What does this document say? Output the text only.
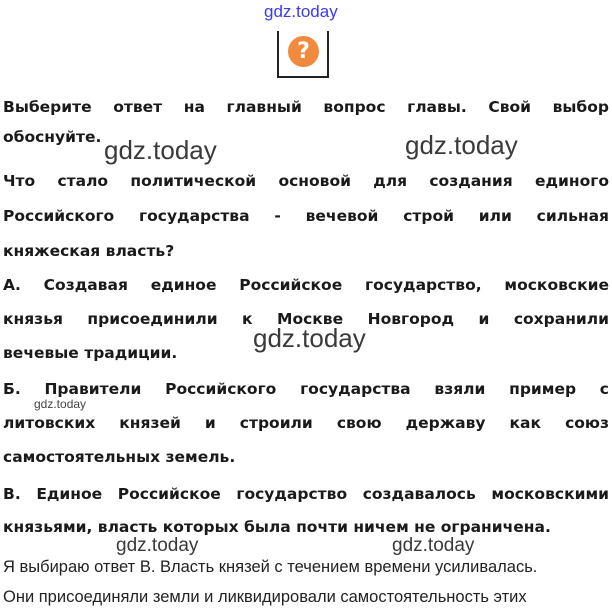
gdz.today
?
Выберите ответ на главный вопрос главы. Свой выбор
обоснуйте.
Что стало политической основой для создания единого
Российского государства - вечевой строй или сильная
княжеская власть?
А. Создавая единое Российское государство, московские
князья присоединили к Москве Новгород и сохранили
вечевые традиции.
Б. Правители Российского государства взяли пример с
литовских князей и строили свою державу как союз
самостоятельных земель.
В. Единое Российское государство создавалось московскими
князьями, власть которых была почти ничем не ограничена.
Я выбираю ответ В. Власть князей с течением времени усиливалась.
Они присоединяли земли и ликвидировали самостоятельность этих
gdz.today	gdz.today
gdz.today
gdz.today
gdz.today	gdz.today
